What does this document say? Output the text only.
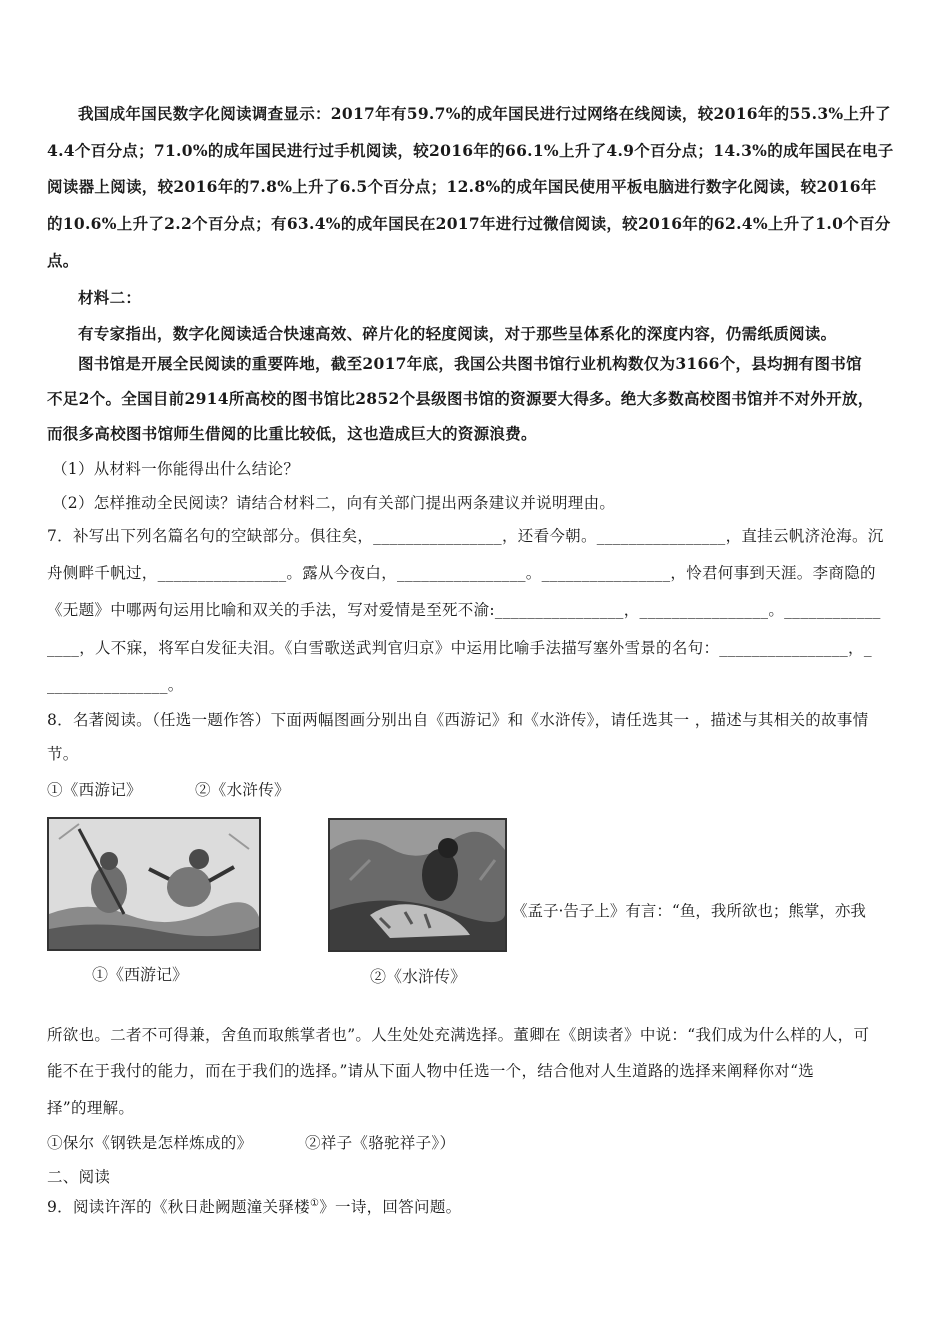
我国成年国民数字化阅读调查显示：2017年有59.7%的成年国民进行过网络在线阅读，较2016年的55.3%上升了
4.4个百分点；71.0%的成年国民进行过手机阅读，较2016年的66.1%上升了4.9个百分点；14.3%的成年国民在电子
阅读器上阅读，较2016年的7.8%上升了6.5个百分点；12.8%的成年国民使用平板电脑进行数字化阅读，较2016年
的10.6%上升了2.2个百分点；有63.4%的成年国民在2017年进行过微信阅读，较2016年的62.4%上升了1.0个百分
点。
材料二：
有专家指出，数字化阅读适合快速高效、碎片化的轻度阅读，对于那些呈体系化的深度内容，仍需纸质阅读。
图书馆是开展全民阅读的重要阵地，截至2017年底，我国公共图书馆行业机构数仅为3166个，县均拥有图书馆
不足2个。全国目前2914所高校的图书馆比2852个县级图书馆的资源要大得多。绝大多数高校图书馆并不对外开放，
而很多高校图书馆师生借阅的比重比较低，这也造成巨大的资源浪费。
（1）从材料一你能得出什么结论？
（2）怎样推动全民阅读？请结合材料二，向有关部门提出两条建议并说明理由。
7．补写出下列名篇名句的空缺部分。俱往矣，________________，还看今朝。________________，直挂云帆济沧海。沉
舟侧畔千帆过，________________。露从今夜白，________________。________________，怜君何事到天涯。李商隐的
《无题》中哪两句运用比喻和双关的手法，写对爱情是至死不渝:________________，________________。____________
____，人不寐，将军白发征夫泪。《白雪歌送武判官归京》中运用比喻手法描写塞外雪景的名句：________________，_
_______________。
8．名著阅读。（任选一题作答）下面两幅图画分别出自《西游记》和《水浒传》，请任选其一 ，描述与其相关的故事情
节。
①《西游记》	②《水浒传》
①《西游记》	②《水浒传》
《孟子·告子上》有言：“鱼，我所欲也；熊掌，亦我
所欲也。二者不可得兼，舍鱼而取熊掌者也”。人生处处充满选择。董卿在《朗读者》中说：“我们成为什么样的人，可
能不在于我付的能力，而在于我们的选择。”请从下面人物中任选一个，结合他对人生道路的选择来阐释你对“选
择”的理解。
①保尔《钢铁是怎样炼成的》	②祥子《骆驼祥子》）
二、阅读
9．阅读许浑的《秋日赴阙题潼关驿楼①》一诗，回答问题。
